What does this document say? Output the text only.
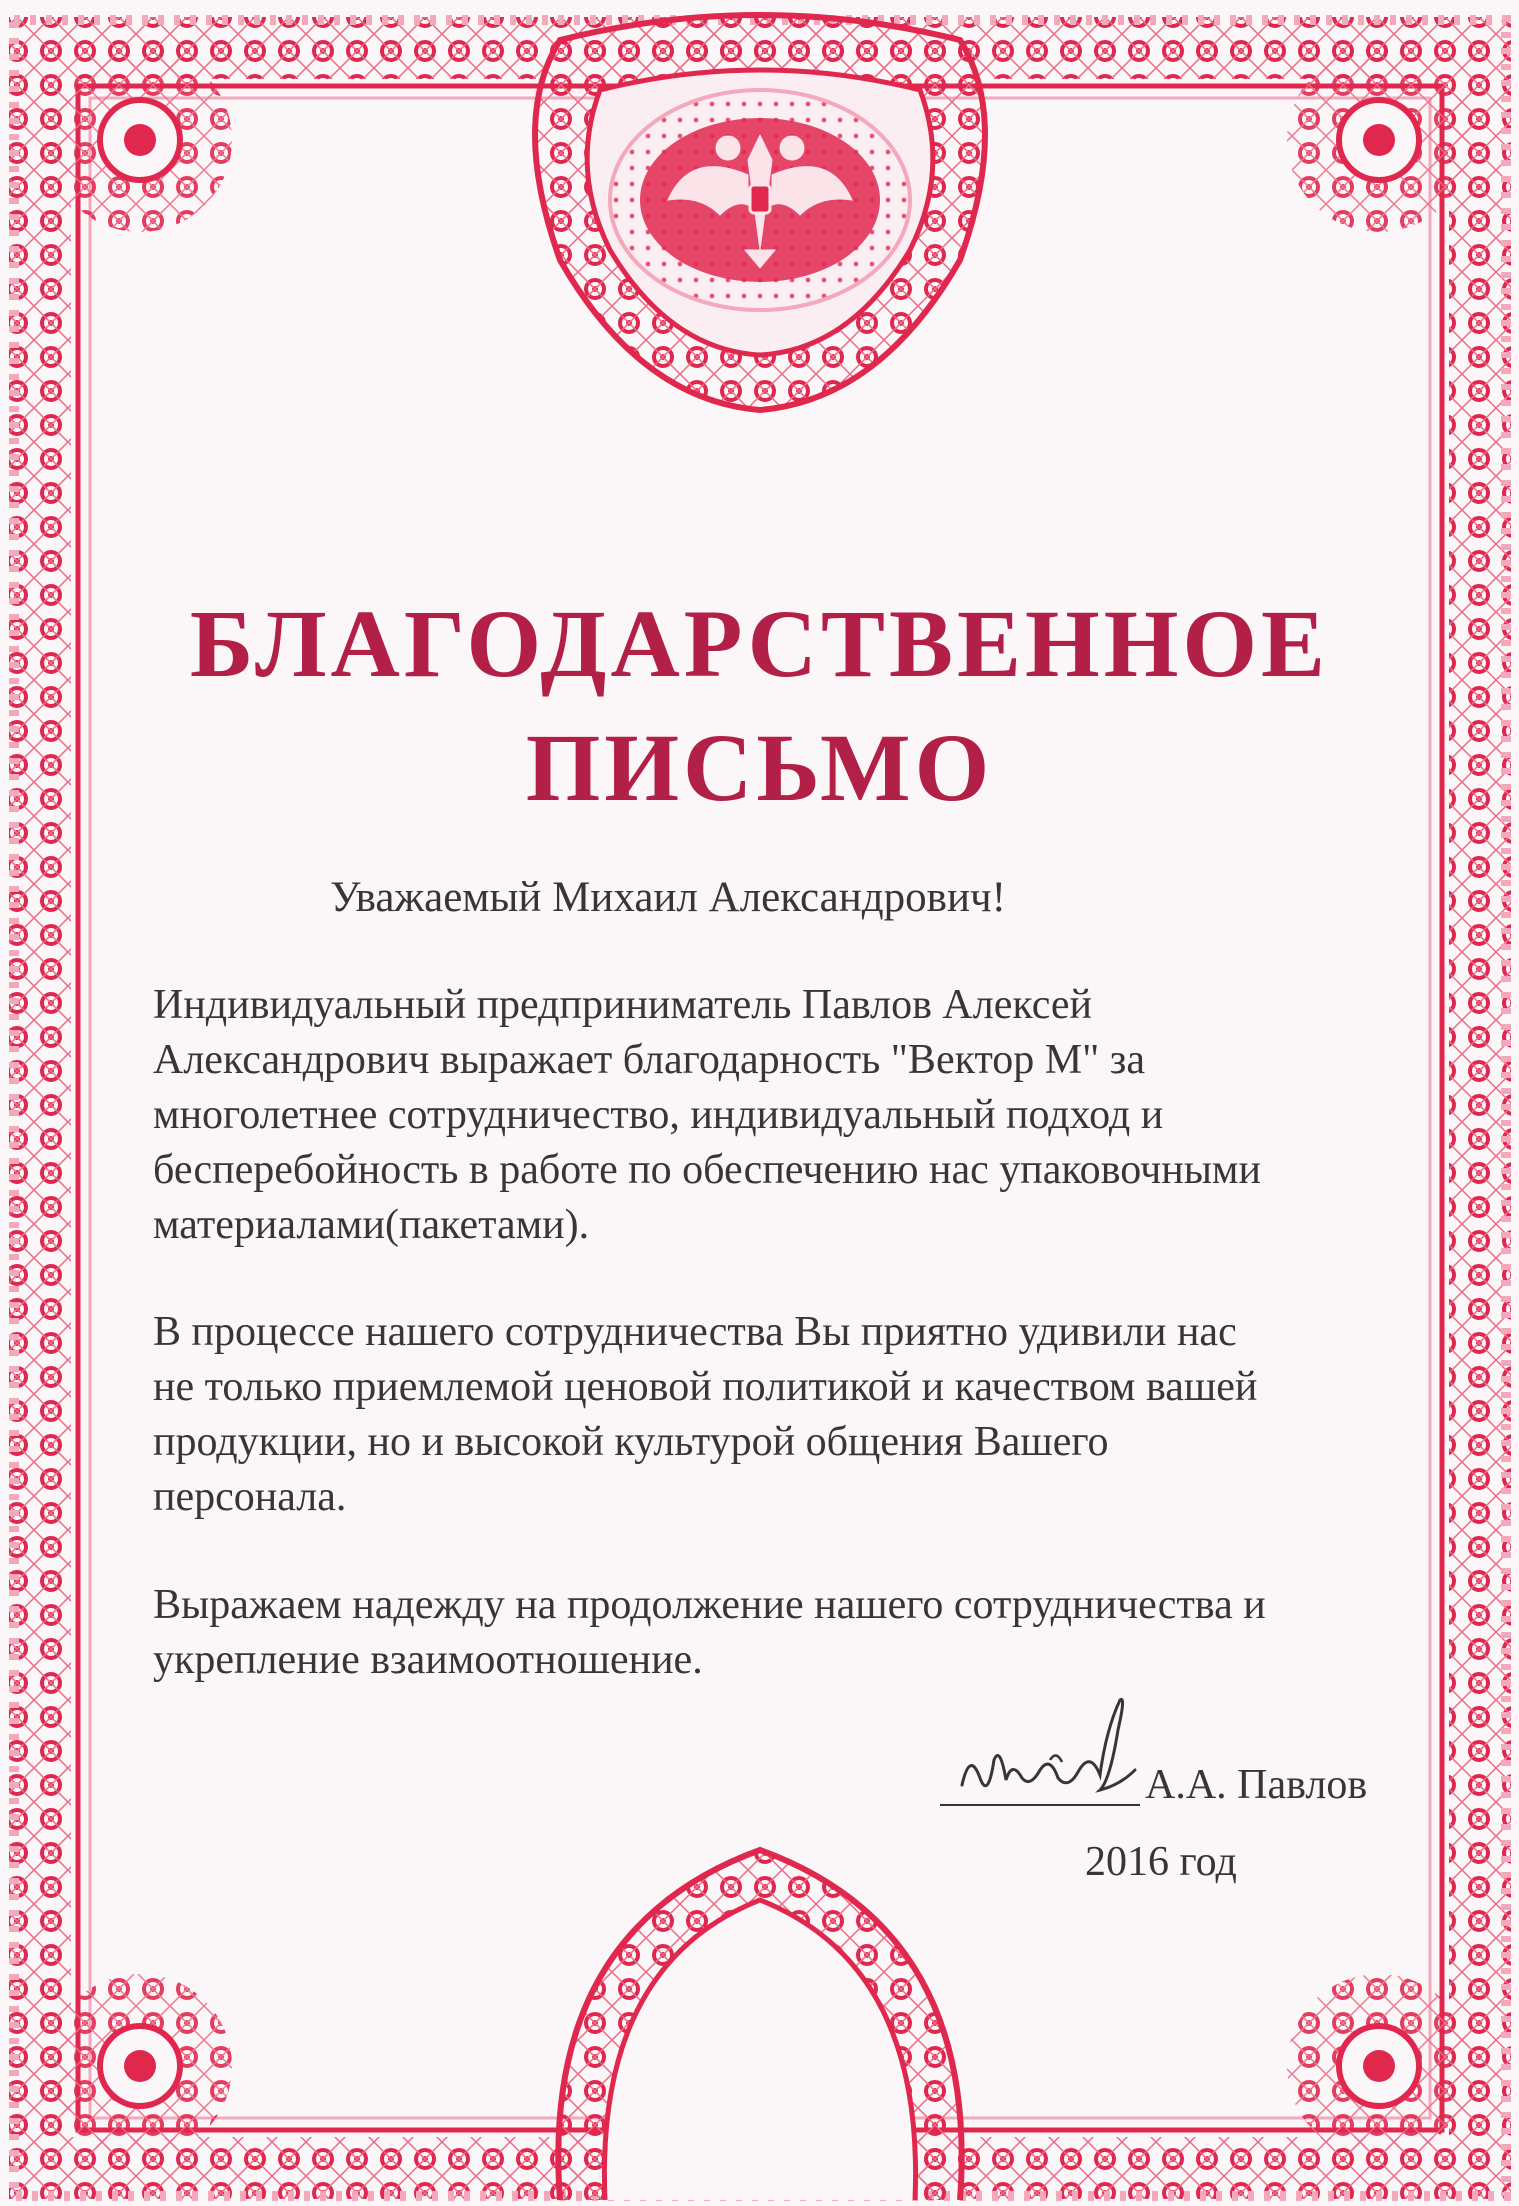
БЛАГОДАРСТВЕННОЕ
ПИСЬМО
Уважаемый Михаил Александрович!
Индивидуальный предприниматель Павлов Алексей
Александрович выражает благодарность "Вектор М" за
многолетнее сотрудничество, индивидуальный подход и
бесперебойность в работе по обеспечению нас упаковочными
материалами(пакетами).
В процессе нашего сотрудничества Вы приятно удивили нас
не только приемлемой ценовой политикой и качеством вашей
продукции, но и высокой культурой общения Вашего
персонала.
Выражаем надежду на продолжение нашего сотрудничества и
укрепление взаимоотношение.
А.А. Павлов
2016 год
